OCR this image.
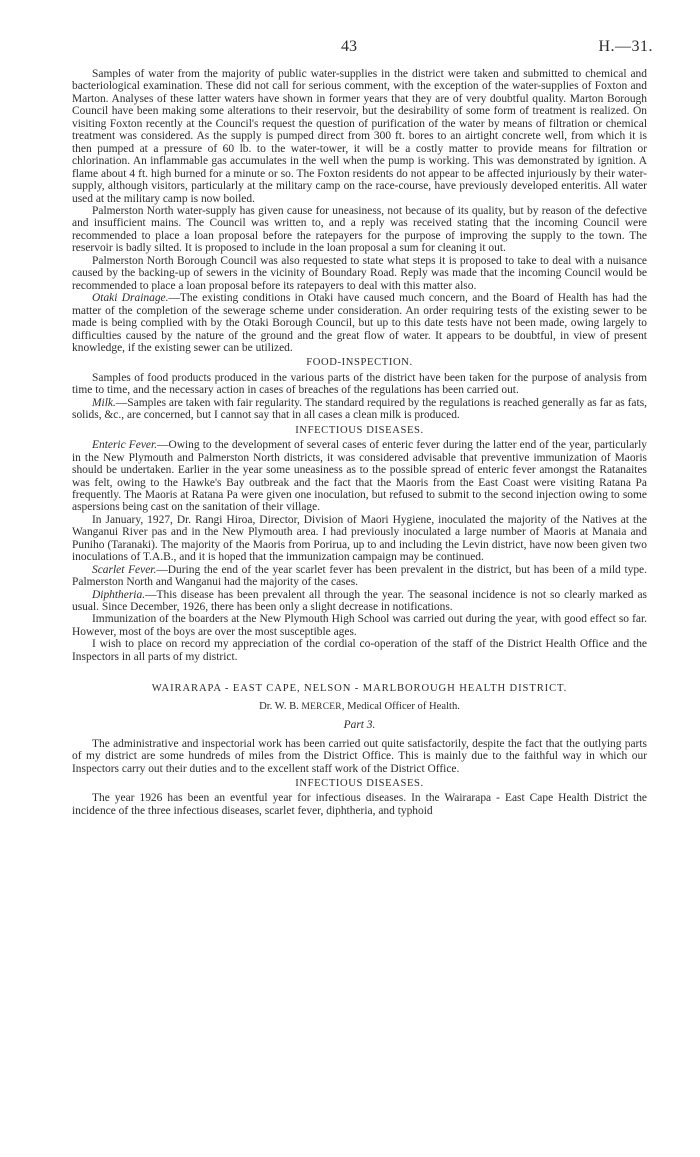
43	H.—31.

Samples of water from the majority of public water-supplies in the district were taken and submitted to chemical and bacteriological examination. These did not call for serious comment, with the exception of the water-supplies of Foxton and Marton. Analyses of these latter waters have shown in former years that they are of very doubtful quality. Marton Borough Council have been making some alterations to their reservoir, but the desirability of some form of treatment is realized. On visiting Foxton recently at the Council's request the question of purification of the water by means of filtration or chemical treatment was considered. As the supply is pumped direct from 300 ft. bores to an airtight concrete well, from which it is then pumped at a pressure of 60 lb. to the water-tower, it will be a costly matter to provide means for filtration or chlorination. An inflammable gas accumulates in the well when the pump is working. This was demonstrated by ignition. A flame about 4 ft. high burned for a minute or so. The Foxton residents do not appear to be affected injuriously by their water-supply, although visitors, particularly at the military camp on the race-course, have previously developed enteritis. All water used at the military camp is now boiled.

Palmerston North water-supply has given cause for uneasiness, not because of its quality, but by reason of the defective and insufficient mains. The Council was written to, and a reply was received stating that the incoming Council were recommended to place a loan proposal before the ratepayers for the purpose of improving the supply to the town. The reservoir is badly silted. It is proposed to include in the loan proposal a sum for cleaning it out.

Palmerston North Borough Council was also requested to state what steps it is proposed to take to deal with a nuisance caused by the backing-up of sewers in the vicinity of Boundary Road. Reply was made that the incoming Council would be recommended to place a loan proposal before its ratepayers to deal with this matter also.

Otaki Drainage.—The existing conditions in Otaki have caused much concern, and the Board of Health has had the matter of the completion of the sewerage scheme under consideration. An order requiring tests of the existing sewer to be made is being complied with by the Otaki Borough Council, but up to this date tests have not been made, owing largely to difficulties caused by the nature of the ground and the great flow of water. It appears to be doubtful, in view of present knowledge, if the existing sewer can be utilized.

FOOD-INSPECTION.

Samples of food products produced in the various parts of the district have been taken for the purpose of analysis from time to time, and the necessary action in cases of breaches of the regulations has been carried out.

Milk.—Samples are taken with fair regularity. The standard required by the regulations is reached generally as far as fats, solids, &c., are concerned, but I cannot say that in all cases a clean milk is produced.

INFECTIOUS DISEASES.

Enteric Fever.—Owing to the development of several cases of enteric fever during the latter end of the year, particularly in the New Plymouth and Palmerston North districts, it was considered advisable that preventive immunization of Maoris should be undertaken. Earlier in the year some uneasiness as to the possible spread of enteric fever amongst the Ratanaites was felt, owing to the Hawke's Bay outbreak and the fact that the Maoris from the East Coast were visiting Ratana Pa frequently. The Maoris at Ratana Pa were given one inoculation, but refused to submit to the second injection owing to some aspersions being cast on the sanitation of their village.

In January, 1927, Dr. Rangi Hiroa, Director, Division of Maori Hygiene, inoculated the majority of the Natives at the Wanganui River pas and in the New Plymouth area. I had previously inoculated a large number of Maoris at Manaia and Puniho (Taranaki). The majority of the Maoris from Porirua, up to and including the Levin district, have now been given two inoculations of T.A.B., and it is hoped that the immunization campaign may be continued.

Scarlet Fever.—During the end of the year scarlet fever has been prevalent in the district, but has been of a mild type. Palmerston North and Wanganui had the majority of the cases.

Diphtheria.—This disease has been prevalent all through the year. The seasonal incidence is not so clearly marked as usual. Since December, 1926, there has been only a slight decrease in notifications.

Immunization of the boarders at the New Plymouth High School was carried out during the year, with good effect so far. However, most of the boys are over the most susceptible ages.

I wish to place on record my appreciation of the cordial co-operation of the staff of the District Health Office and the Inspectors in all parts of my district.

WAIRARAPA - EAST CAPE, NELSON - MARLBOROUGH HEALTH DISTRICT.
Dr. W. B. MERCER, Medical Officer of Health.
Part 3.

The administrative and inspectorial work has been carried out quite satisfactorily, despite the fact that the outlying parts of my district are some hundreds of miles from the District Office. This is mainly due to the faithful way in which our Inspectors carry out their duties and to the excellent staff work of the District Office.

INFECTIOUS DISEASES.

The year 1926 has been an eventful year for infectious diseases. In the Wairarapa - East Cape Health District the incidence of the three infectious diseases, scarlet fever, diphtheria, and typhoid
